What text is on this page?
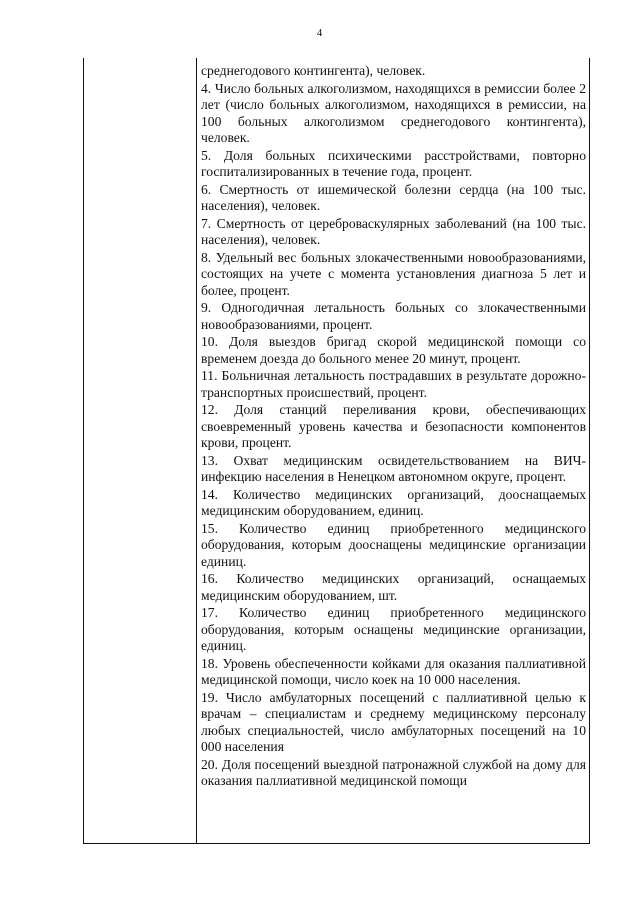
4
среднегодового контингента), человек.
4. Число больных алкоголизмом, находящихся в ремиссии более 2 лет (число больных алкоголизмом, находящихся в ремиссии, на 100 больных алкоголизмом среднегодового контингента), человек.
5. Доля больных психическими расстройствами, повторно госпитализированных в течение года, процент.
6. Смертность от ишемической болезни сердца (на 100 тыс. населения), человек.
7. Смертность от цереброваскулярных заболеваний (на 100 тыс. населения), человек.
8. Удельный вес больных злокачественными новообразованиями, состоящих на учете с момента установления диагноза 5 лет и более, процент.
9. Одногодичная летальность больных со злокачественными новообразованиями, процент.
10. Доля выездов бригад скорой медицинской помощи со временем доезда до больного менее 20 минут, процент.
11. Больничная летальность пострадавших в результате дорожно-транспортных происшествий, процент.
12. Доля станций переливания крови, обеспечивающих своевременный уровень качества и безопасности компонентов крови, процент.
13. Охват медицинским освидетельствованием на ВИЧ-инфекцию населения в Ненецком автономном округе, процент.
14. Количество медицинских организаций, дооснащаемых медицинским оборудованием, единиц.
15. Количество единиц приобретенного медицинского оборудования, которым дооснащены медицинские организации единиц.
16. Количество медицинских организаций, оснащаемых медицинским оборудованием, шт.
17. Количество единиц приобретенного медицинского оборудования, которым оснащены медицинские организации, единиц.
18. Уровень обеспеченности койками для оказания паллиативной медицинской помощи, число коек на 10 000 населения.
19. Число амбулаторных посещений с паллиативной целью к врачам – специалистам и среднему медицинскому персоналу любых специальностей, число амбулаторных посещений на 10 000 населения
20. Доля посещений выездной патронажной службой на дому для оказания паллиативной медицинской помощи
